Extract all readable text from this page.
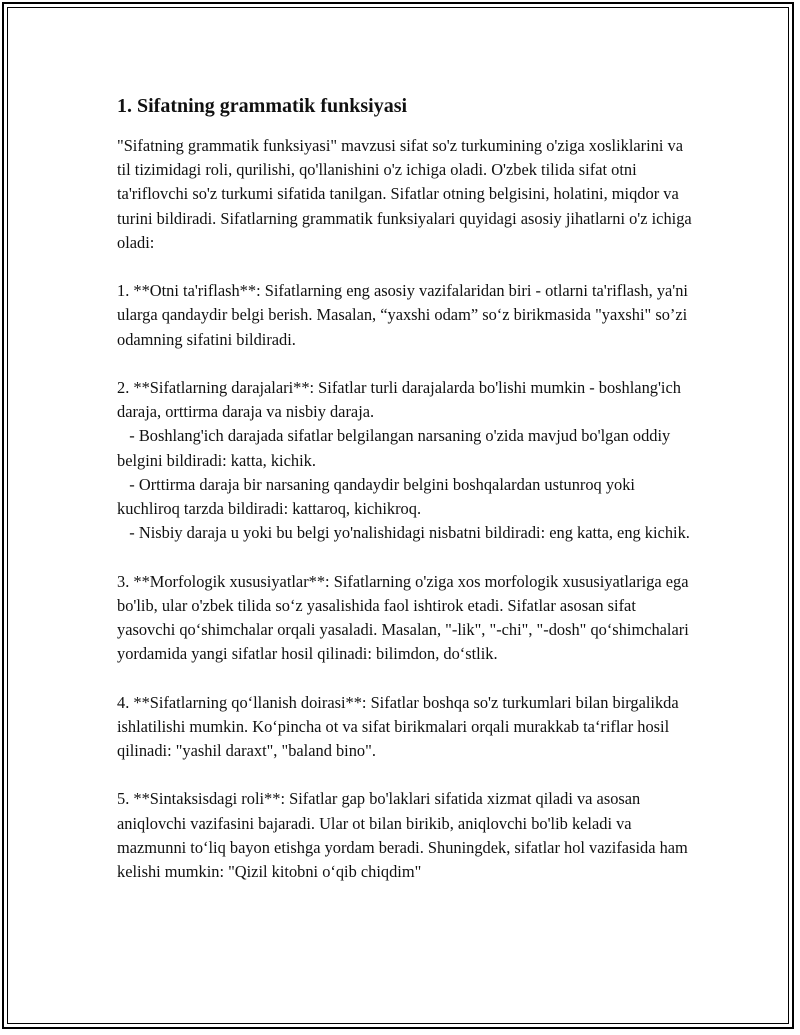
1. Sifatning grammatik funksiyasi

"Sifatning grammatik funksiyasi" mavzusi sifat so'z turkumining o'ziga xosliklarini va til tizimidagi roli, qurilishi, qo'llanishini o'z ichiga oladi. O'zbek tilida sifat otni ta'riflovchi so'z turkumi sifatida tanilgan. Sifatlar otning belgisini, holatini, miqdor va turini bildiradi. Sifatlarning grammatik funksiyalari quyidagi asosiy jihatlarni o'z ichiga oladi:

1. **Otni ta'riflash**: Sifatlarning eng asosiy vazifalaridan biri - otlarni ta'riflash, ya'ni ularga qandaydir belgi berish. Masalan, “yaxshi odam” so‘z birikmasida "yaxshi" so’zi odamning sifatini bildiradi.

2. **Sifatlarning darajalari**: Sifatlar turli darajalarda bo'lishi mumkin - boshlang'ich daraja, orttirma daraja va nisbiy daraja.
- Boshlang'ich darajada sifatlar belgilangan narsaning o'zida mavjud bo'lgan oddiy belgini bildiradi: katta, kichik.
- Orttirma daraja bir narsaning qandaydir belgini boshqalardan ustunroq yoki kuchliroq tarzda bildiradi: kattaroq, kichikroq.
- Nisbiy daraja u yoki bu belgi yo'nalishidagi nisbatni bildiradi: eng katta, eng kichik.

3. **Morfologik xususiyatlar**: Sifatlarning o'ziga xos morfologik xususiyatlariga ega bo'lib, ular o'zbek tilida so‘z yasalishida faol ishtirok etadi. Sifatlar asosan sifat yasovchi qo‘shimchalar orqali yasaladi. Masalan, "-lik", "-chi", "-dosh" qo‘shimchalari yordamida yangi sifatlar hosil qilinadi: bilimdon, do‘stlik.

4. **Sifatlarning qo‘llanish doirasi**: Sifatlar boshqa so'z turkumlari bilan birgalikda ishlatilishi mumkin. Ko‘pincha ot va sifat birikmalari orqali murakkab ta‘riflar hosil qilinadi: "yashil daraxt", "baland bino".

5. **Sintaksisdagi roli**: Sifatlar gap bo'laklari sifatida xizmat qiladi va asosan aniqlovchi vazifasini bajaradi. Ular ot bilan birikib, aniqlovchi bo'lib keladi va mazmunni to‘liq bayon etishga yordam beradi. Shuningdek, sifatlar hol vazifasida ham kelishi mumkin: "Qizil kitobni o‘qib chiqdim"
